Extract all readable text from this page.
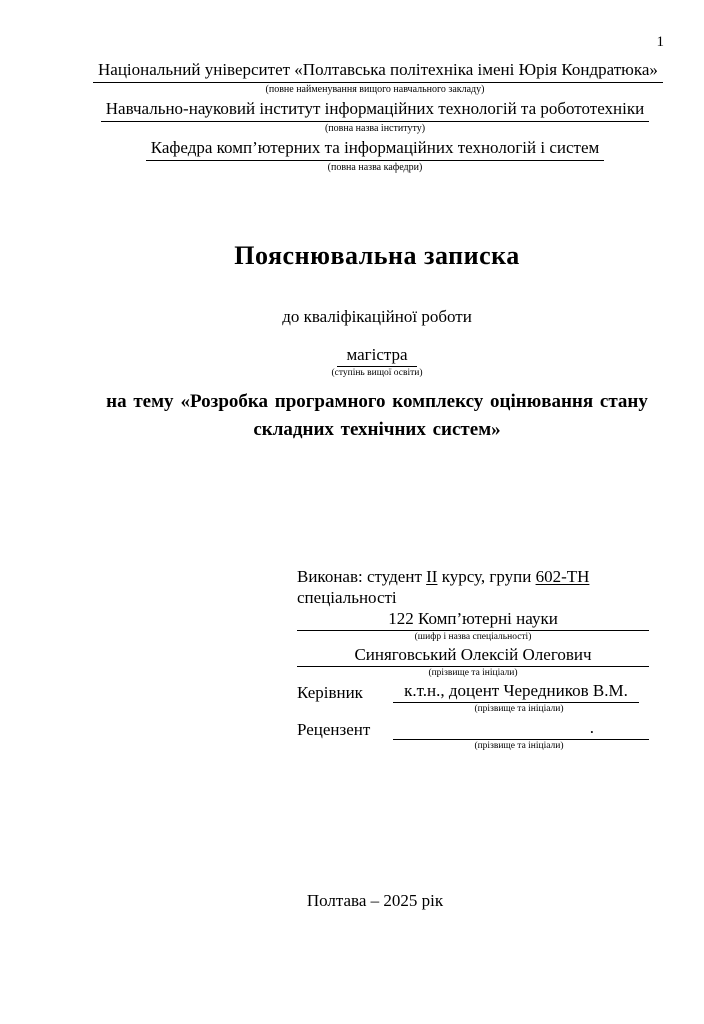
1
Національний університет «Полтавська політехніка імені Юрія Кондратюка»
(повне найменування вищого навчального закладу)
Навчально-науковий інститут інформаційних технологій та робототехніки
(повна назва інституту)
Кафедра комп’ютерних та інформаційних технологій і систем
(повна назва кафедри)
Пояснювальна записка
до кваліфікаційної роботи
магістра
(ступінь вищої освіти)
на тему «Розробка програмного комплексу оцінювання стану складних технічних систем»
Виконав: студент ІІ курсу, групи 602-ТН
спеціальності
122 Комп’ютерні науки
(шифр і назва спеціальності)
Синяговський Олексій Олегович
(прізвище та ініціали)
Керівник	к.т.н., доцент Чередников В.М.
(прізвище та ініціали)
Рецензент	.
(прізвище та ініціали)
Полтава – 2025 рік
